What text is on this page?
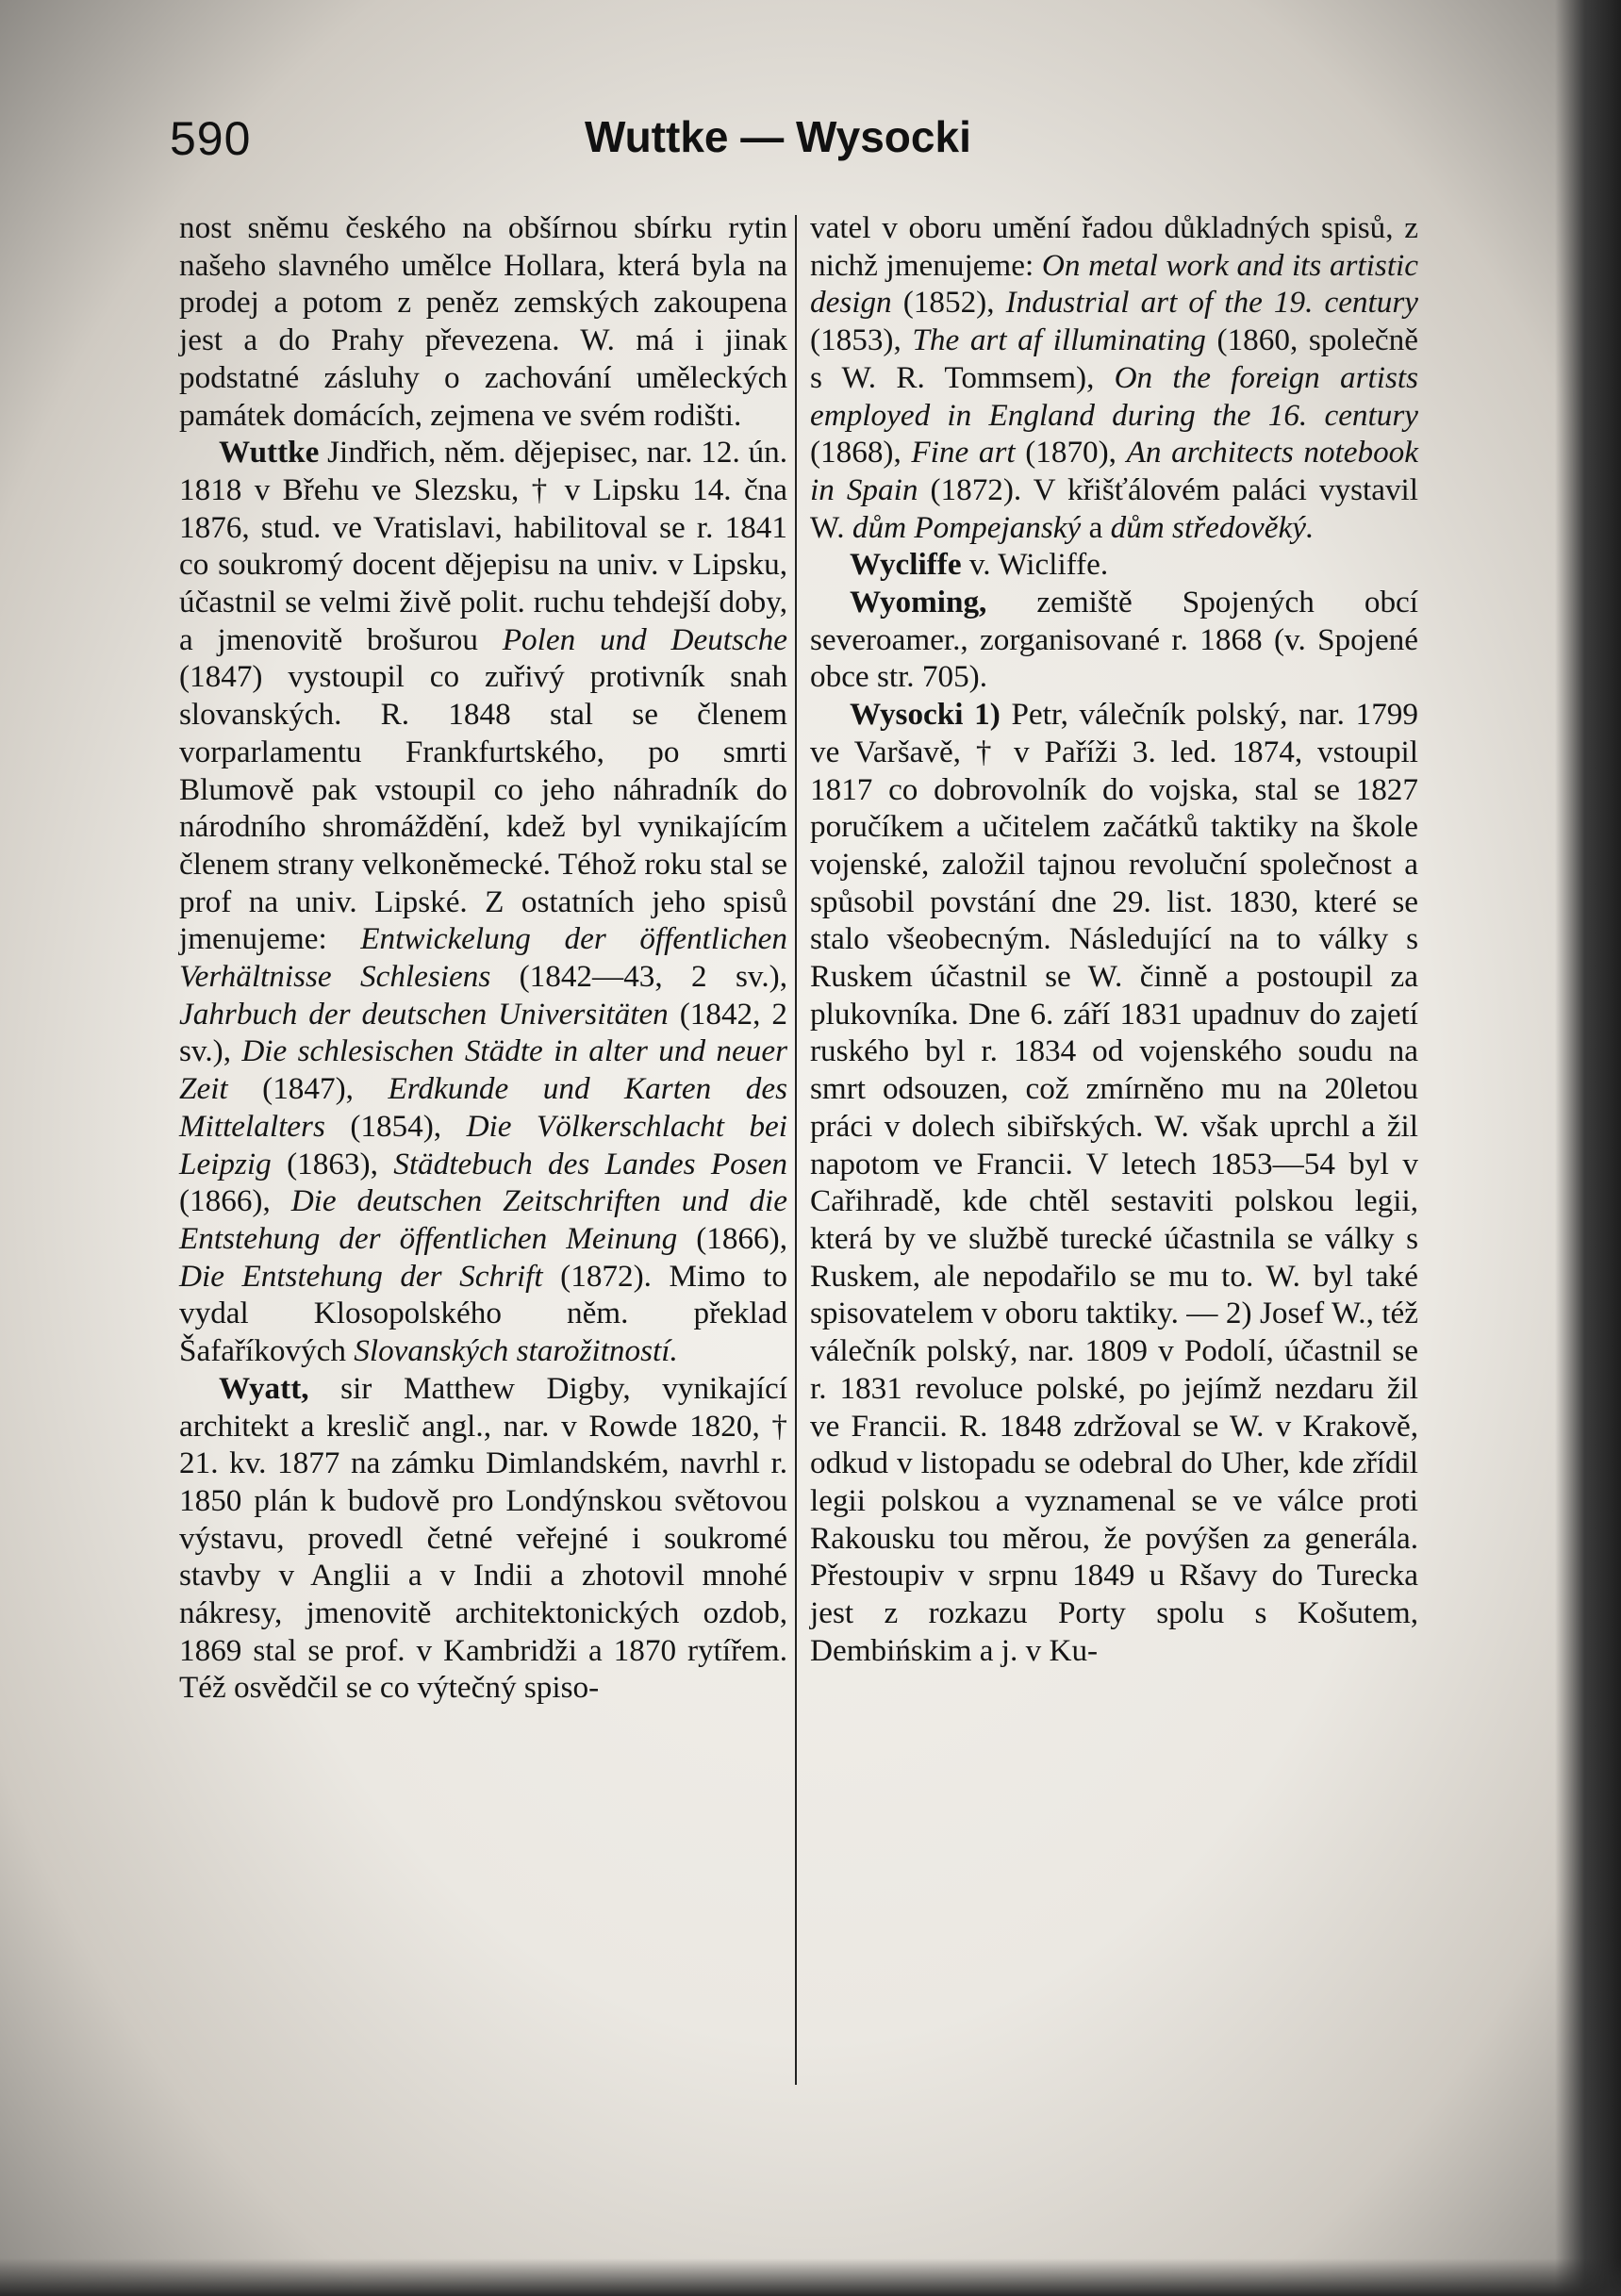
590	Wuttke — Wysocki

nost sněmu českého na obšírnou sbírku rytin našeho slavného umělce Hollara, která byla na prodej a potom z peněz zemských zakoupena jest a do Prahy převezena. W. má i jinak podstatné zásluhy o zachování uměleckých památek domácích, zejmena ve svém rodišti.

Wuttke Jindřich, něm. dějepisec, nar. 12. ún. 1818 v Břehu ve Slezsku, † v Lipsku 14. čna 1876, stud. ve Vratislavi, habilitoval se r. 1841 co soukromý docent dějepisu na univ. v Lipsku, účastnil se velmi živě polit. ruchu tehdejší doby, a jmenovitě brošurou Polen und Deutsche (1847) vystoupil co zuřivý protivník snah slovanských. R. 1848 stal se členem vorparlamentu Frankfurtského, po smrti Blumově pak vstoupil co jeho náhradník do národního shromáždění, kdež byl vynikajícím členem strany velkoněmecké. Téhož roku stal se prof na univ. Lipské. Z ostatních jeho spisů jmenujeme: Entwickelung der öffentlichen Verhältnisse Schlesiens (1842—43, 2 sv.), Jahrbuch der deutschen Universitäten (1842, 2 sv.), Die schlesischen Städte in alter und neuer Zeit (1847), Erdkunde und Karten des Mittelalters (1854), Die Völkerschlacht bei Leipzig (1863), Städtebuch des Landes Posen (1866), Die deutschen Zeitschriften und die Entstehung der öffentlichen Meinung (1866), Die Entstehung der Schrift (1872). Mimo to vydal Klosopolského něm. překlad Šafaříkových Slovanských starožitností.

Wyatt, sir Matthew Digby, vynikající architekt a kreslič angl., nar. v Rowde 1820, † 21. kv. 1877 na zámku Dimlandském, navrhl r. 1850 plán k budově pro Londýnskou světovou výstavu, provedl četné veřejné i soukromé stavby v Anglii a v Indii a zhotovil mnohé nákresy, jmenovitě architektonických ozdob, 1869 stal se prof. v Kambridži a 1870 rytířem. Též osvědčil se co výtečný spiso-

vatel v oboru umění řadou důkladných spisů, z nichž jmenujeme: On metal work and its artistic design (1852), Industrial art of the 19. century (1853), The art af illuminating (1860, společně s W. R. Tommsem), On the foreign artists employed in England during the 16. century (1868), Fine art (1870), An architects notebook in Spain (1872). V křišťálovém paláci vystavil W. dům Pompejanský a dům středověký.

Wycliffe v. Wicliffe.

Wyoming, zemiště Spojených obcí severoamer., zorganisované r. 1868 (v. Spojené obce str. 705).

Wysocki 1) Petr, válečník polský, nar. 1799 ve Varšavě, † v Paříži 3. led. 1874, vstoupil 1817 co dobrovolník do vojska, stal se 1827 poručíkem a učitelem začátků taktiky na škole vojenské, založil tajnou revoluční společnost a spůsobil povstání dne 29. list. 1830, které se stalo všeobecným. Následující na to války s Ruskem účastnil se W. činně a postoupil za plukovníka. Dne 6. září 1831 upadnuv do zajetí ruského byl r. 1834 od vojenského soudu na smrt odsouzen, což zmírněno mu na 20letou práci v dolech sibiřských. W. však uprchl a žil napotom ve Francii. V letech 1853—54 byl v Cařihradě, kde chtěl sestaviti polskou legii, která by ve službě turecké účastnila se války s Ruskem, ale nepodařilo se mu to. W. byl také spisovatelem v oboru taktiky. — 2) Josef W., též válečník polský, nar. 1809 v Podolí, účastnil se r. 1831 revoluce polské, po jejímž nezdaru žil ve Francii. R. 1848 zdržoval se W. v Krakově, odkud v listopadu se odebral do Uher, kde zřídil legii polskou a vyznamenal se ve válce proti Rakousku tou měrou, že povýšen za generála. Přestoupiv v srpnu 1849 u Ršavy do Turecka jest z rozkazu Porty spolu s Košutem, Dembińskim a j. v Ku-
